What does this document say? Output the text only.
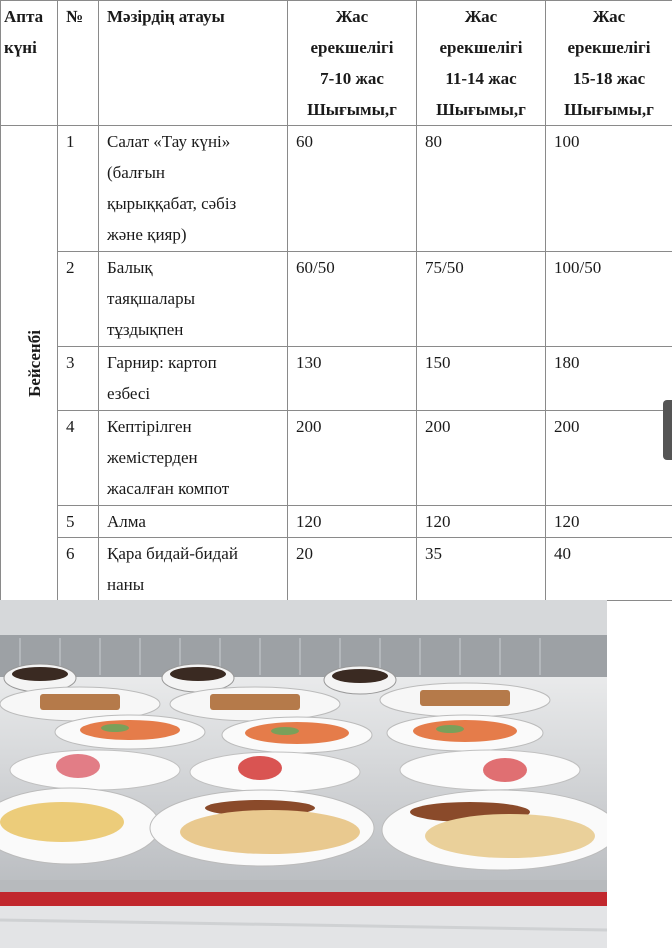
Апта күні	№	Мәзірдің атауы	Жас
ерекшелігі
7-10 жас
Шығымы,г	Жас
ерекшелігі
11-14 жас
Шығымы,г	Жас
ерекшелігі
15-18 жас
Шығымы,г

Бейсенбі	1	Салат «Тау күні»
(балғын
қырыққабат, сәбіз
және қияр)	60	80	100
	2	Балық
таяқшалары
тұздықпен	60/50	75/50	100/50
	3	Гарнир: картоп
езбесі	130	150	180
	4	Кептірілген
жемістерден
жасалған компот	200	200	200
	5	Алма	120	120	120
	6	Қара бидай-бидай
наны	20	35	40
